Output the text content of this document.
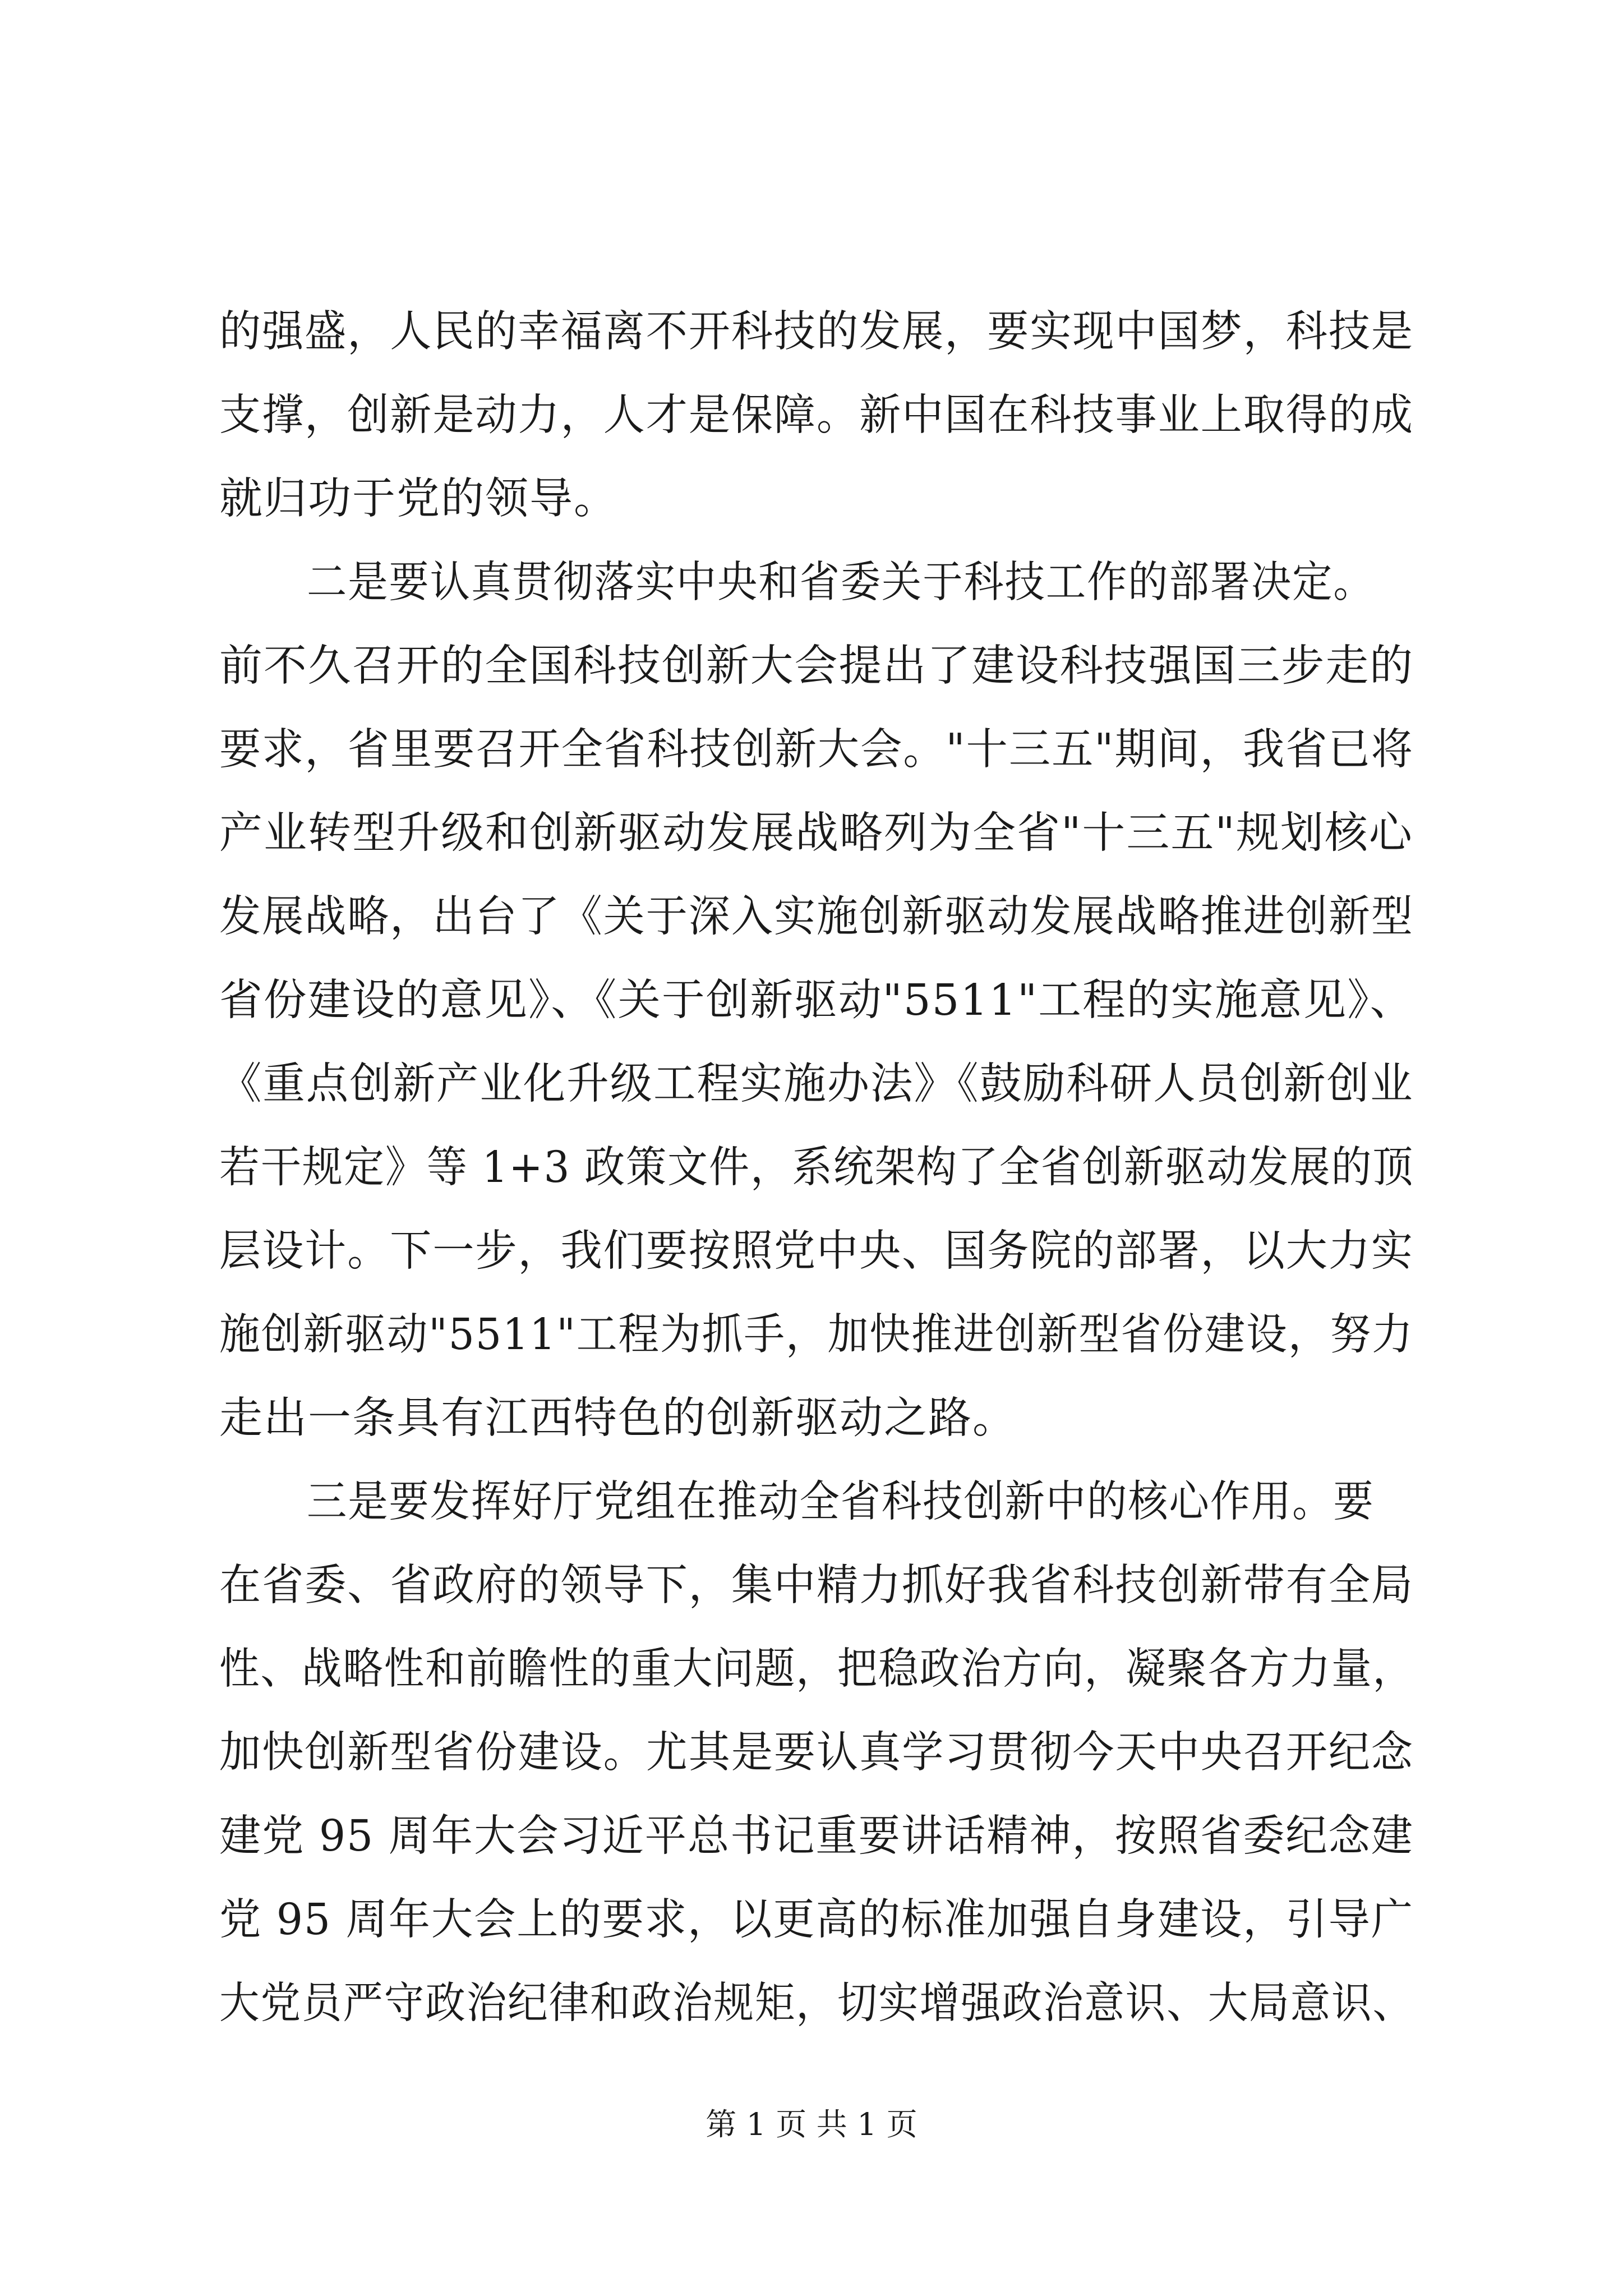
的强盛，人民的幸福离不开科技的发展，要实现中国梦，科技是
支撑，创新是动力，人才是保障。新中国在科技事业上取得的成
就归功于党的领导。
二是要认真贯彻落实中央和省委关于科技工作的部署决定。
前不久召开的全国科技创新大会提出了建设科技强国三步走的
要求，省里要召开全省科技创新大会。"十三五"期间，我省已将
产业转型升级和创新驱动发展战略列为全省"十三五"规划核心
发展战略，出台了《关于深入实施创新驱动发展战略推进创新型
省份建设的意见》、《关于创新驱动"5511"工程的实施意见》、
《重点创新产业化升级工程实施办法》《鼓励科研人员创新创业
若干规定》等 1+3 政策文件，系统架构了全省创新驱动发展的顶
层设计。下一步，我们要按照党中央、国务院的部署，以大力实
施创新驱动"5511"工程为抓手，加快推进创新型省份建设，努力
走出一条具有江西特色的创新驱动之路。
三是要发挥好厅党组在推动全省科技创新中的核心作用。要
在省委、省政府的领导下，集中精力抓好我省科技创新带有全局
性、战略性和前瞻性的重大问题，把稳政治方向，凝聚各方力量，
加快创新型省份建设。尤其是要认真学习贯彻今天中央召开纪念
建党 95 周年大会习近平总书记重要讲话精神，按照省委纪念建
党 95 周年大会上的要求，以更高的标准加强自身建设，引导广
大党员严守政治纪律和政治规矩，切实增强政治意识、大局意识、
第 1 页 共 1 页
